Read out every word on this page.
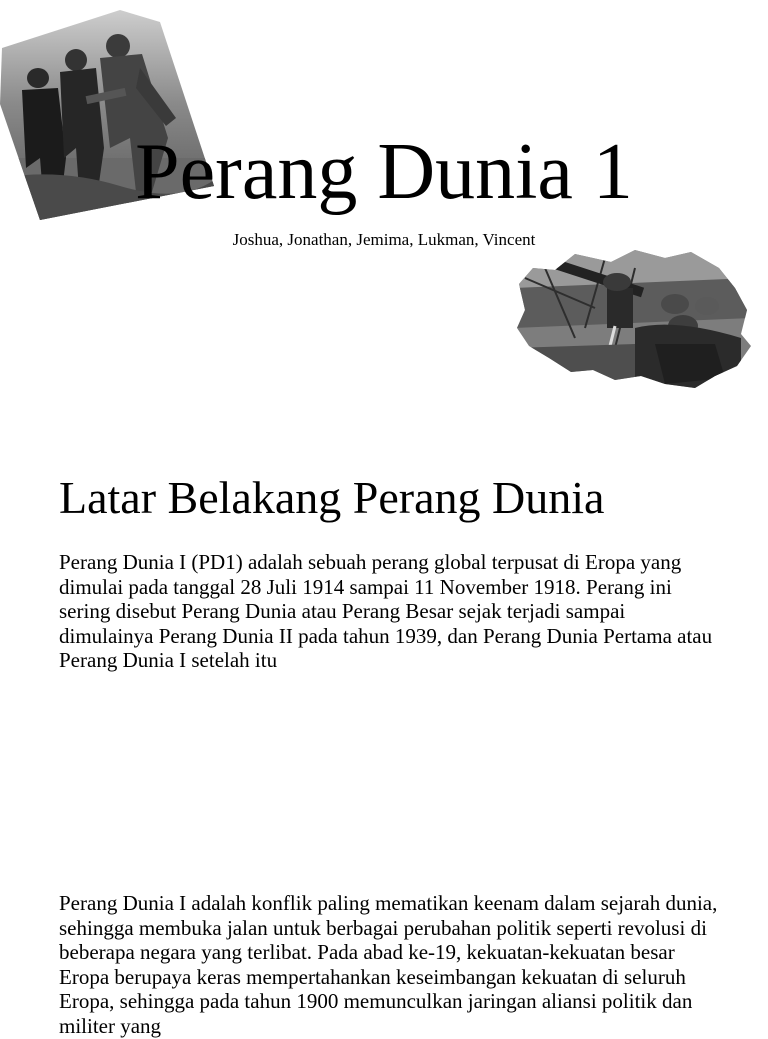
Perang Dunia 1

Joshua, Jonathan, Jemima, Lukman, Vincent

Latar Belakang Perang Dunia

Perang Dunia I (PD1) adalah sebuah perang global terpusat di Eropa yang dimulai pada tanggal 28 Juli 1914 sampai 11 November 1918. Perang ini sering disebut Perang Dunia atau Perang Besar sejak terjadi sampai dimulainya Perang Dunia II pada tahun 1939, dan Perang Dunia Pertama atau Perang Dunia I setelah itu

Perang Dunia I adalah konflik paling mematikan keenam dalam sejarah dunia, sehingga membuka jalan untuk berbagai perubahan politik seperti revolusi di beberapa negara yang terlibat. Pada abad ke-19, kekuatan-kekuatan besar Eropa berupaya keras mempertahankan keseimbangan kekuatan di seluruh Eropa, sehingga pada tahun 1900 memunculkan jaringan aliansi politik dan militer yang
